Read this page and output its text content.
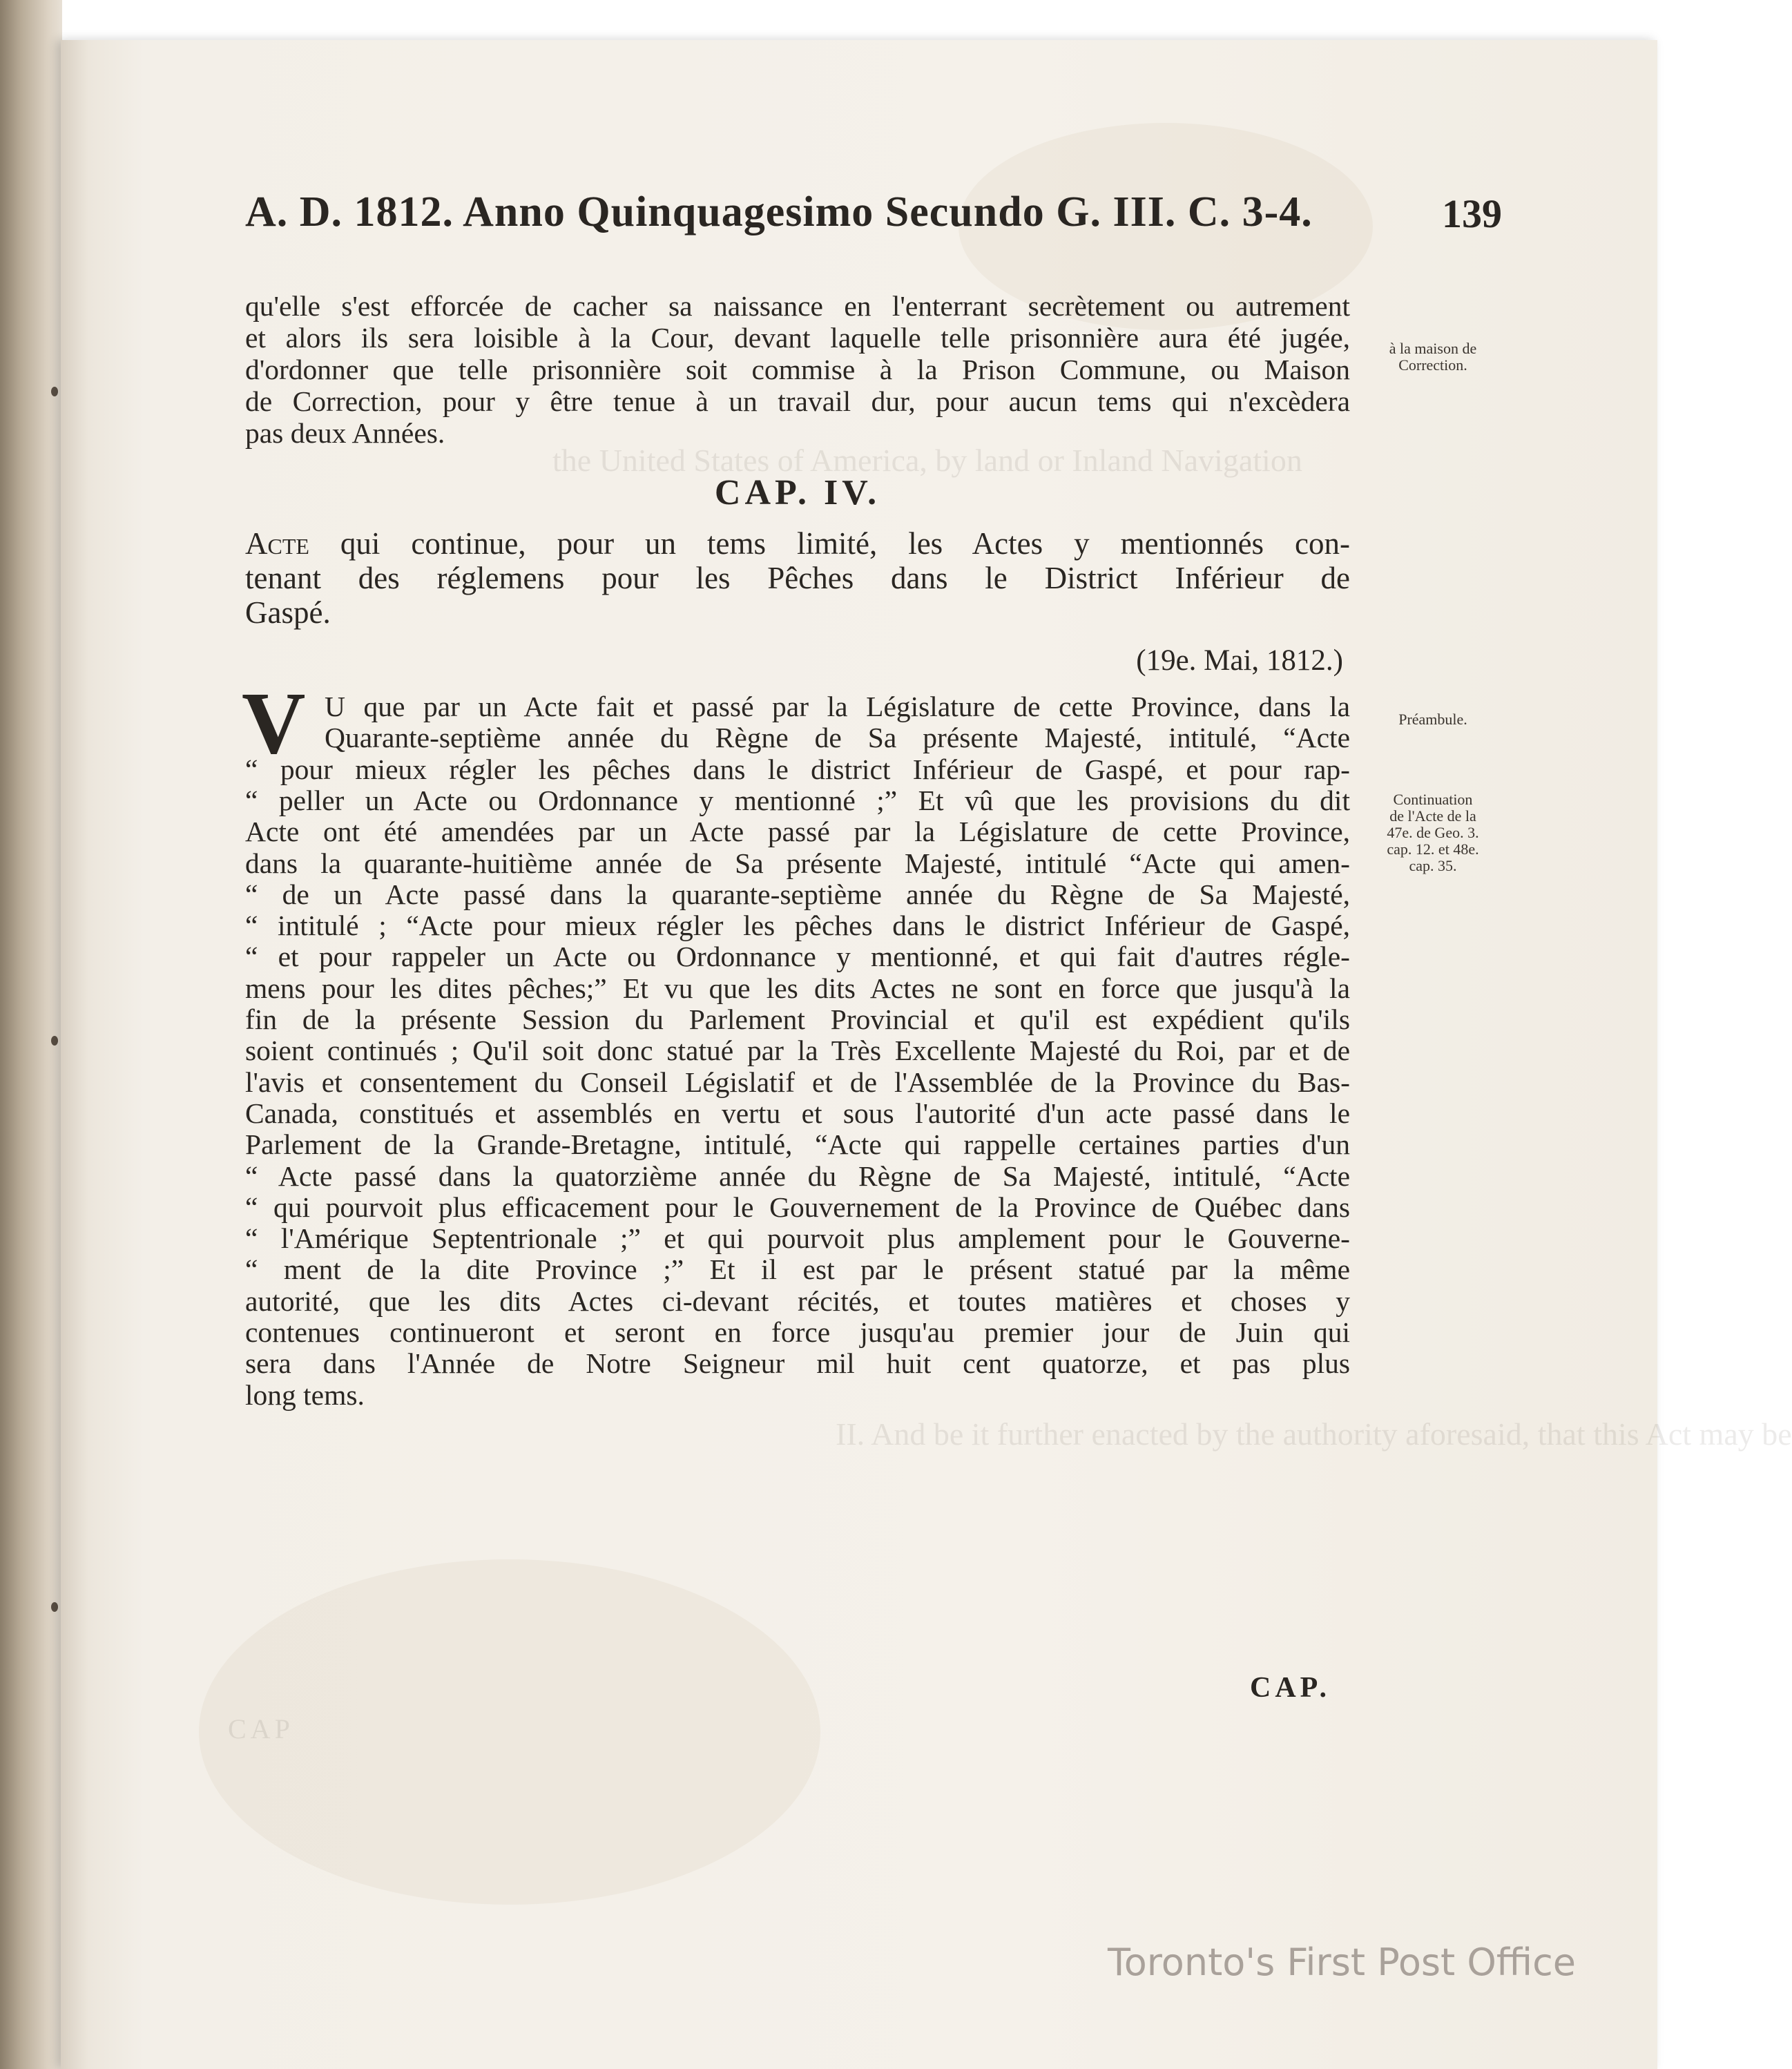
the United States of America, by land or Inland Navigation
II. And be it further enacted by the authority aforesaid, that this Act may be
CAP
A. D. 1812. Anno Quinquagesimo Secundo G. III. C. 3-4.	139
qu'elle s'est efforcée de cacher sa naissance en l'enterrant secrètement ou autrement
et alors ils sera loisible à la Cour, devant laquelle telle prisonnière aura été jugée,
d'ordonner que telle prisonnière soit commise à la Prison Commune, ou Maison
de Correction, pour y être tenue à un travail dur, pour aucun tems qui n'excèdera
pas deux Années.
CAP. IV.
Acte qui continue, pour un tems limité, les Actes y mentionnés con-
tenant des réglemens pour les Pêches dans le District Inférieur de
Gaspé.
(19e. Mai, 1812.)
V U que par un Acte fait et passé par la Législature de cette Province, dans la
Quarante-septième année du Règne de Sa présente Majesté, intitulé, “Acte
“ pour mieux régler les pêches dans le district Inférieur de Gaspé, et pour rap-
“ peller un Acte ou Ordonnance y mentionné ;” Et vû que les provisions du dit
Acte ont été amendées par un Acte passé par la Législature de cette Province,
dans la quarante-huitième année de Sa présente Majesté, intitulé “Acte qui amen-
“ de un Acte passé dans la quarante-septième année du Règne de Sa Majesté,
“ intitulé ; “Acte pour mieux régler les pêches dans le district Inférieur de Gaspé,
“ et pour rappeler un Acte ou Ordonnance y mentionné, et qui fait d'autres régle-
mens pour les dites pêches;” Et vu que les dits Actes ne sont en force que jusqu'à la
fin de la présente Session du Parlement Provincial et qu'il est expédient qu'ils
soient continués ; Qu'il soit donc statué par la Très Excellente Majesté du Roi, par et de
l'avis et consentement du Conseil Législatif et de l'Assemblée de la Province du Bas-
Canada, constitués et assemblés en vertu et sous l'autorité d'un acte passé dans le
Parlement de la Grande-Bretagne, intitulé, “Acte qui rappelle certaines parties d'un
“ Acte passé dans la quatorzième année du Règne de Sa Majesté, intitulé, “Acte
“ qui pourvoit plus efficacement pour le Gouvernement de la Province de Québec dans
“ l'Amérique Septentrionale ;” et qui pourvoit plus amplement pour le Gouverne-
“ ment de la dite Province ;” Et il est par le présent statué par la même
autorité, que les dits Actes ci-devant récités, et toutes matières et choses y
contenues continueront et seront en force jusqu'au premier jour de Juin qui
sera dans l'Année de Notre Seigneur mil huit cent quatorze, et pas plus
long tems.
à la maison de
Correction.
Préambule.
Continuation
de l'Acte de la
47e. de Geo. 3.
cap. 12. et 48e.
cap. 35.
CAP.
Toronto's First Post Office
